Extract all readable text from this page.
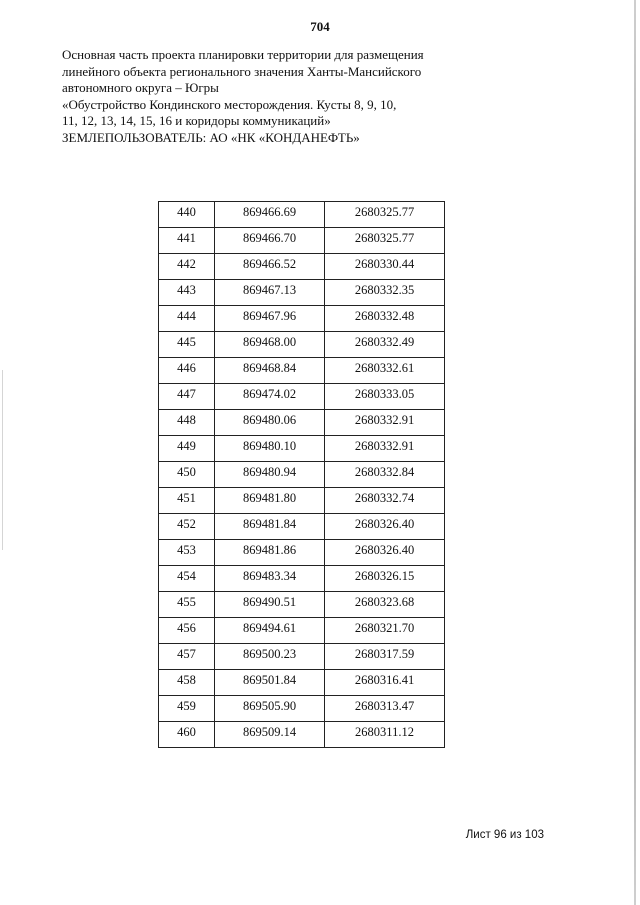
704
Основная часть проекта планировки территории для размещения
линейного объекта регионального значения Ханты-Мансийского
автономного округа – Югры
«Обустройство Кондинского месторождения. Кусты 8, 9, 10,
11, 12, 13, 14, 15, 16 и коридоры коммуникаций»
ЗЕМЛЕПОЛЬЗОВАТЕЛЬ: АО «НК «КОНДАНЕФТЬ»
440	869466.69	2680325.77
441	869466.70	2680325.77
442	869466.52	2680330.44
443	869467.13	2680332.35
444	869467.96	2680332.48
445	869468.00	2680332.49
446	869468.84	2680332.61
447	869474.02	2680333.05
448	869480.06	2680332.91
449	869480.10	2680332.91
450	869480.94	2680332.84
451	869481.80	2680332.74
452	869481.84	2680326.40
453	869481.86	2680326.40
454	869483.34	2680326.15
455	869490.51	2680323.68
456	869494.61	2680321.70
457	869500.23	2680317.59
458	869501.84	2680316.41
459	869505.90	2680313.47
460	869509.14	2680311.12
Лист 96 из 103
